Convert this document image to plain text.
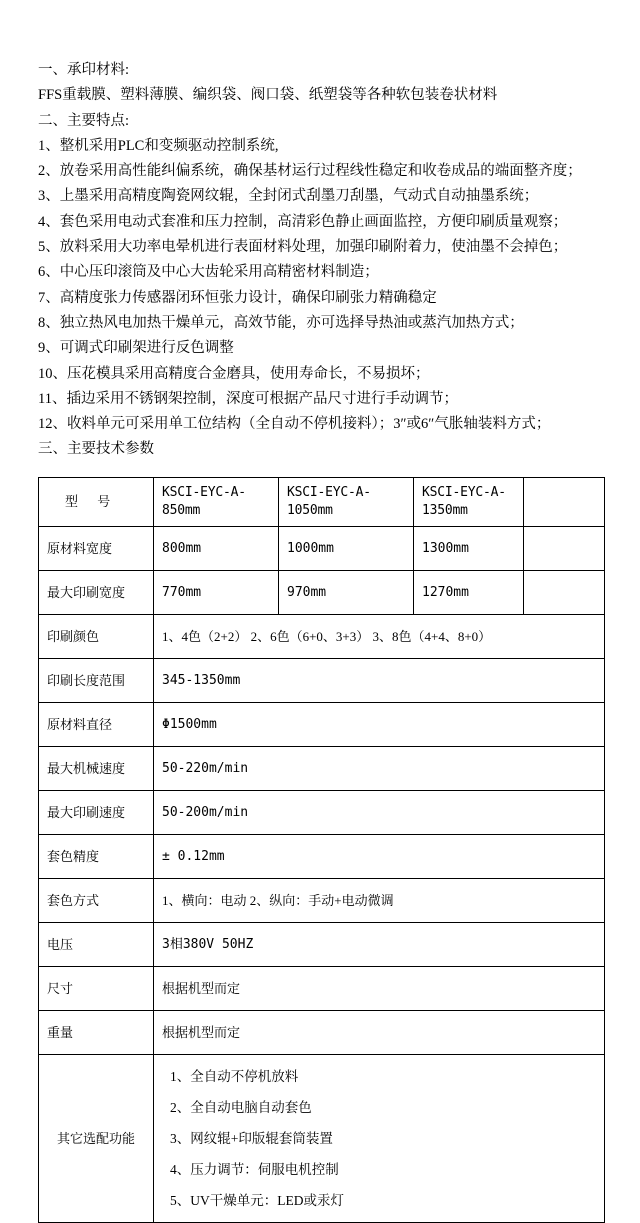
一、承印材料:
FFS重载膜、塑料薄膜、编织袋、阀口袋、纸塑袋等各种软包装卷状材料
二、主要特点:
1、整机采用PLC和变频驱动控制系统,
2、放卷采用高性能纠偏系统，确保基材运行过程线性稳定和收卷成品的端面整齐度；
3、上墨采用高精度陶瓷网纹辊，全封闭式刮墨刀刮墨，气动式自动抽墨系统；
4、套色采用电动式套准和压力控制，高清彩色静止画面监控，方便印刷质量观察；
5、放料采用大功率电晕机进行表面材料处理，加强印刷附着力，使油墨不会掉色；
6、中心压印滚筒及中心大齿轮采用高精密材料制造；
7、高精度张力传感器闭环恒张力设计，确保印刷张力精确稳定
8、独立热风电加热干燥单元，高效节能，亦可选择导热油或蒸汽加热方式；
9、可调式印刷架进行反色调整
10、压花模具采用高精度合金磨具，使用寿命长，不易损坏；
11、插边采用不锈钢架控制，深度可根据产品尺寸进行手动调节；
12、收料单元可采用单工位结构（全自动不停机接料）；3″或6″气胀轴装料方式；
三、主要技术参数
型 号	KSCI-EYC-A-850mm	KSCI-EYC-A-1050mm	KSCI-EYC-A-1350mm	
原材料宽度	800mm	1000mm	1300mm	
最大印刷宽度	770mm	970mm	1270mm	
印刷颜色	1、4色（2+2） 2、6色（6+0、3+3） 3、8色（4+4、8+0）			
印刷长度范围	345-1350mm			
原材料直径	Φ1500mm			
最大机械速度	50-220m/min			
最大印刷速度	50-200m/min			
套色精度	± 0.12mm			
套色方式	1、横向：电动 2、纵向：手动+电动微调			
电压	3相380V 50HZ			
尺寸	根据机型而定			
重量	根据机型而定			
其它选配功能	1、全自动不停机放料
2、全自动电脑自动套色
3、网纹辊+印版辊套筒装置
4、压力调节：伺服电机控制
5、UV干燥单元：LED或汞灯			
